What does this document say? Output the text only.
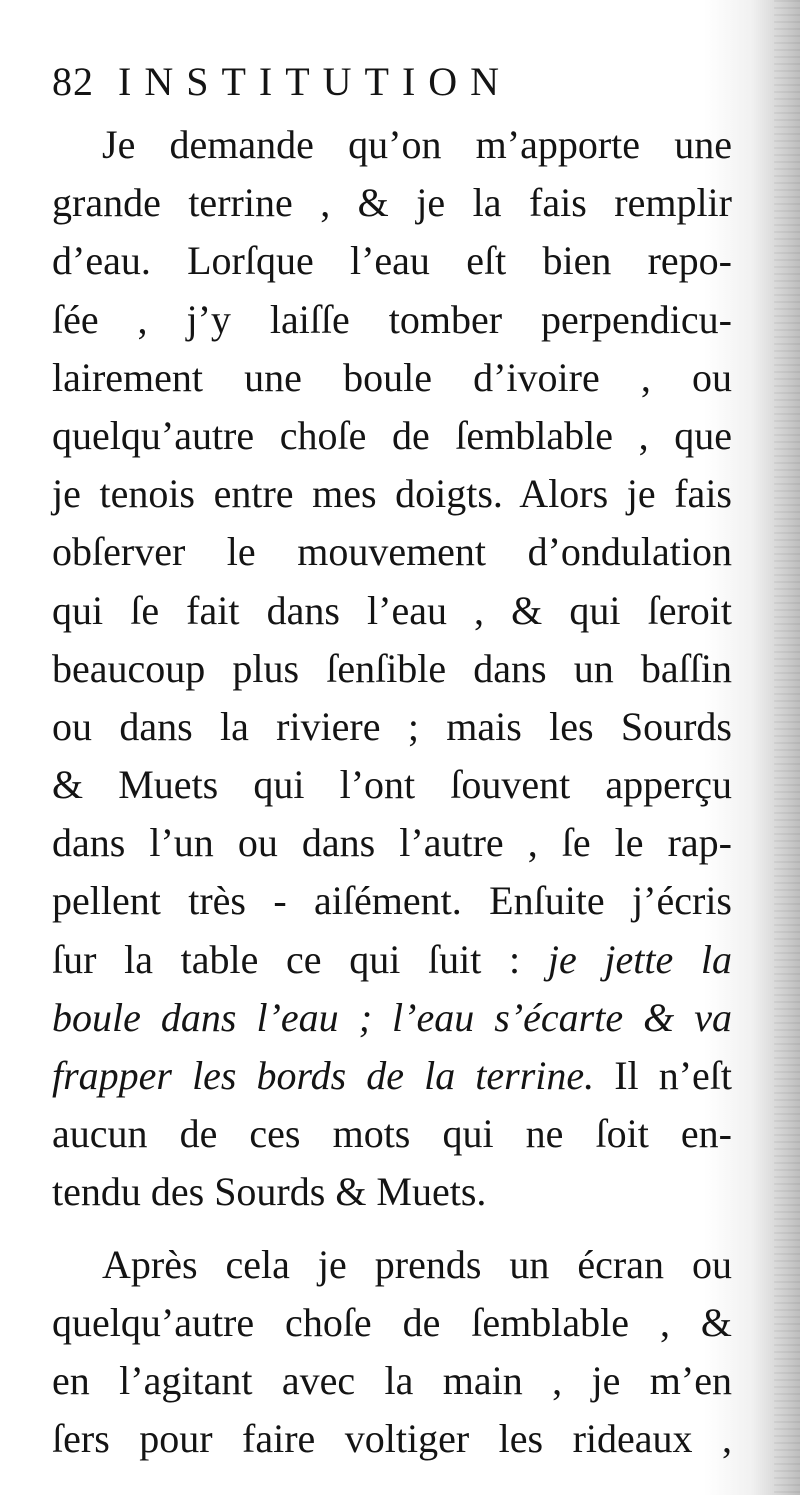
82 INSTITUTION
Je demande qu’on m’apporte une
grande terrine , & je la fais remplir
d’eau. Lorſque l’eau eſt bien repo-
ſée , j’y laiſſe tomber perpendicu-
lairement une boule d’ivoire , ou
quelqu’autre choſe de ſemblable , que
je tenois entre mes doigts. Alors je fais
obſerver le mouvement d’ondulation
qui ſe fait dans l’eau , & qui ſeroit
beaucoup plus ſenſible dans un baſſin
ou dans la riviere ; mais les Sourds
& Muets qui l’ont ſouvent apperçu
dans l’un ou dans l’autre , ſe le rap-
pellent très - aiſément. Enſuite j’écris
ſur la table ce qui ſuit : je jette la
boule dans l’eau ; l’eau s’écarte & va
frapper les bords de la terrine. Il n’eſt
aucun de ces mots qui ne ſoit en-
tendu des Sourds & Muets.
Après cela je prends un écran ou
quelqu’autre choſe de ſemblable , &
en l’agitant avec la main , je m’en
ſers pour faire voltiger les rideaux ,
